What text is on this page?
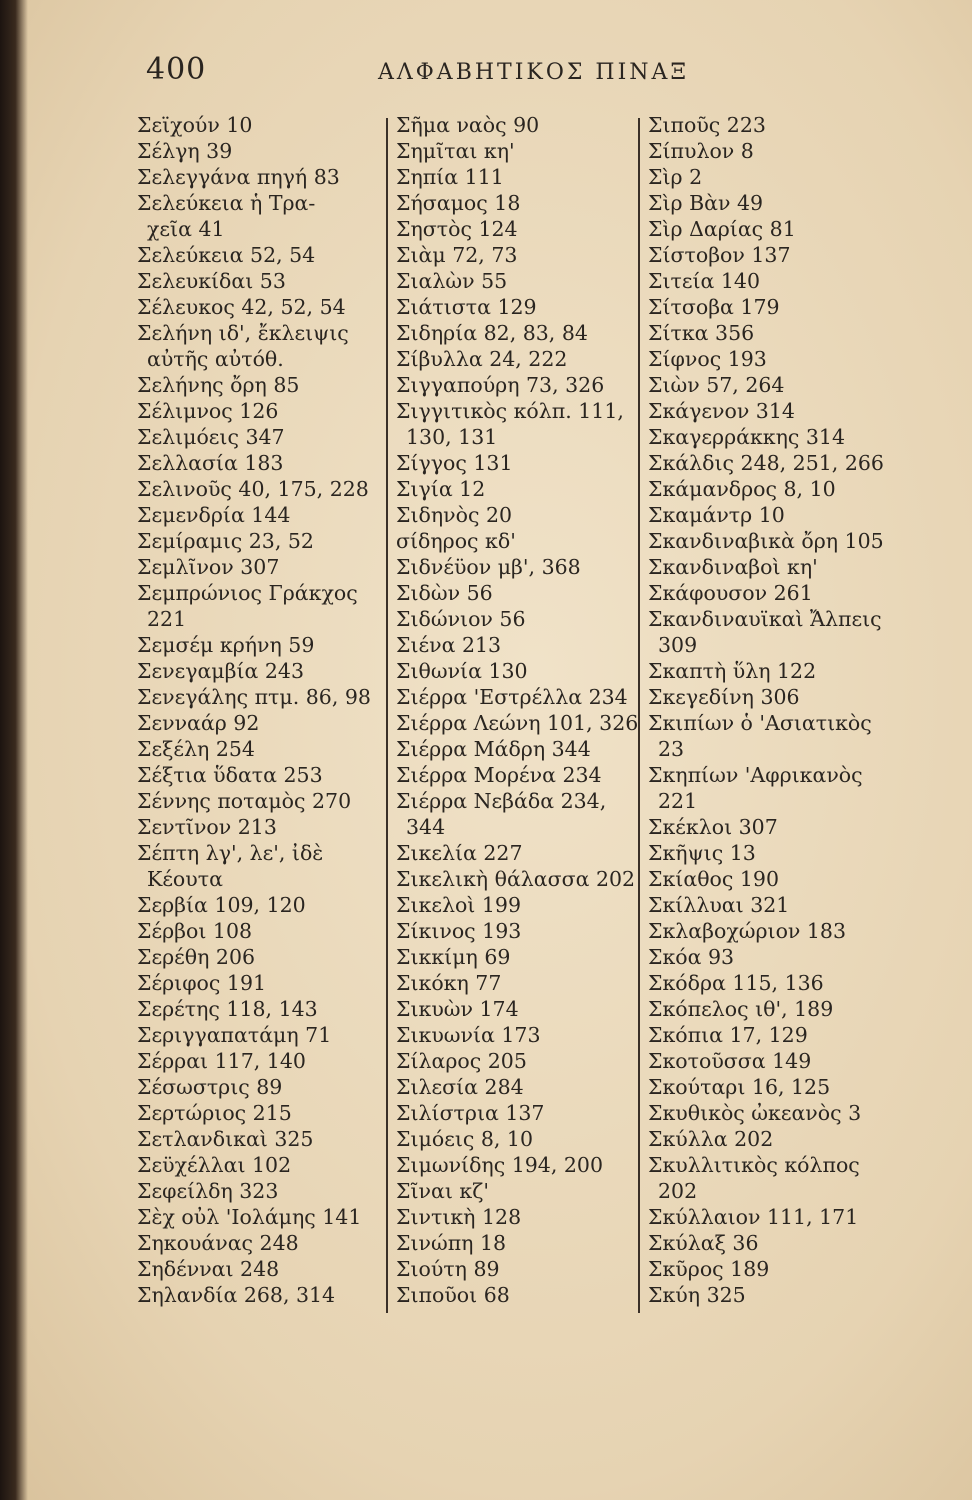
400	ΑΛΦΑΒΗΤΙΚΟΣ ΠΙΝΑΞ
Σεϊχούν 10
Σέλγη 39
Σελεγγάνα πηγή 83
Σελεύκεια ἡ Τρα-
χεῖα 41
Σελεύκεια 52, 54
Σελευκίδαι 53
Σέλευκος 42, 52, 54
Σελήνη ιδ', ἔκλειψις
αὐτῆς αὐτόθ.
Σελήνης ὄρη 85
Σέλιμνος 126
Σελιμόεις 347
Σελλασία 183
Σελινοῦς 40, 175, 228
Σεμενδρία 144
Σεμίραμις 23, 52
Σεμλῖνον 307
Σεμπρώνιος Γράκχος
221
Σεμσέμ κρήνη 59
Σενεγαμβία 243
Σενεγάλης πτμ. 86, 98
Σενναάρ 92
Σεξέλη 254
Σέξτια ὕδατα 253
Σέννης ποταμὸς 270
Σεντῖνον 213
Σέπτη λγ', λε', ἰδὲ
Κέουτα
Σερβία 109, 120
Σέρβοι 108
Σερέθη 206
Σέριφος 191
Σερέτης 118, 143
Σεριγγαπατάμη 71
Σέρραι 117, 140
Σέσωστρις 89
Σερτώριος 215
Σετλανδικαὶ 325
Σεϋχέλλαι 102
Σεφείλδη 323
Σὲχ οὐλ 'Ιολάμης 141
Σηκουάνας 248
Σηδένναι 248
Σηλανδία 268, 314
Σῆμα ναὸς 90
Σημῖται κη'
Σηπία 111
Σήσαμος 18
Σηστὸς 124
Σιὰμ 72, 73
Σιαλὼν 55
Σιάτιστα 129
Σιδηρία 82, 83, 84
Σίβυλλα 24, 222
Σιγγαπούρη 73, 326
Σιγγιτικὸς κόλπ. 111,
130, 131
Σίγγος 131
Σιγία 12
Σιδηνὸς 20
σίδηρος κδ'
Σιδνέϋον μβ', 368
Σιδὼν 56
Σιδώνιον 56
Σιένα 213
Σιθωνία 130
Σιέρρα 'Εστρέλλα 234
Σιέρρα Λεώνη 101, 326
Σιέρρα Μάδρη 344
Σιέρρα Μορένα 234
Σιέρρα Νεβάδα 234,
344
Σικελία 227
Σικελικὴ θάλασσα 202
Σικελοὶ 199
Σίκινος 193
Σικκίμη 69
Σικόκη 77
Σικυὼν 174
Σικυωνία 173
Σίλαρος 205
Σιλεσία 284
Σιλίστρια 137
Σιμόεις 8, 10
Σιμωνίδης 194, 200
Σῖναι κζ'
Σιντικὴ 128
Σινώπη 18
Σιούτη 89
Σιποῦοι 68
Σιποῦς 223
Σίπυλον 8
Σὶρ 2
Σὶρ Βὰν 49
Σὶρ Δαρίας 81
Σίστοβον 137
Σιτεία 140
Σίτσοβα 179
Σίτκα 356
Σίφνος 193
Σιὼν 57, 264
Σκάγενον 314
Σκαγερράκκης 314
Σκάλδις 248, 251, 266
Σκάμανδρος 8, 10
Σκαμάντρ 10
Σκανδιναβικὰ ὄρη 105
Σκανδιναβοὶ κη'
Σκάφουσον 261
Σκανδιναυϊκαὶ Ἄλπεις
309
Σκαπτὴ ὕλη 122
Σκεγεδίνη 306
Σκιπίων ὁ 'Ασιατικὸς
23
Σκηπίων 'Αφρικανὸς
221
Σκέκλοι 307
Σκῆψις 13
Σκίαθος 190
Σκίλλυαι 321
Σκλαβοχώριον 183
Σκόα 93
Σκόδρα 115, 136
Σκόπελος ιθ', 189
Σκόπια 17, 129
Σκοτοῦσσα 149
Σκούταρι 16, 125
Σκυθικὸς ὠκεανὸς 3
Σκύλλα 202
Σκυλλιτικὸς κόλπος
202
Σκύλλαιον 111, 171
Σκύλαξ 36
Σκῦρος 189
Σκύη 325
